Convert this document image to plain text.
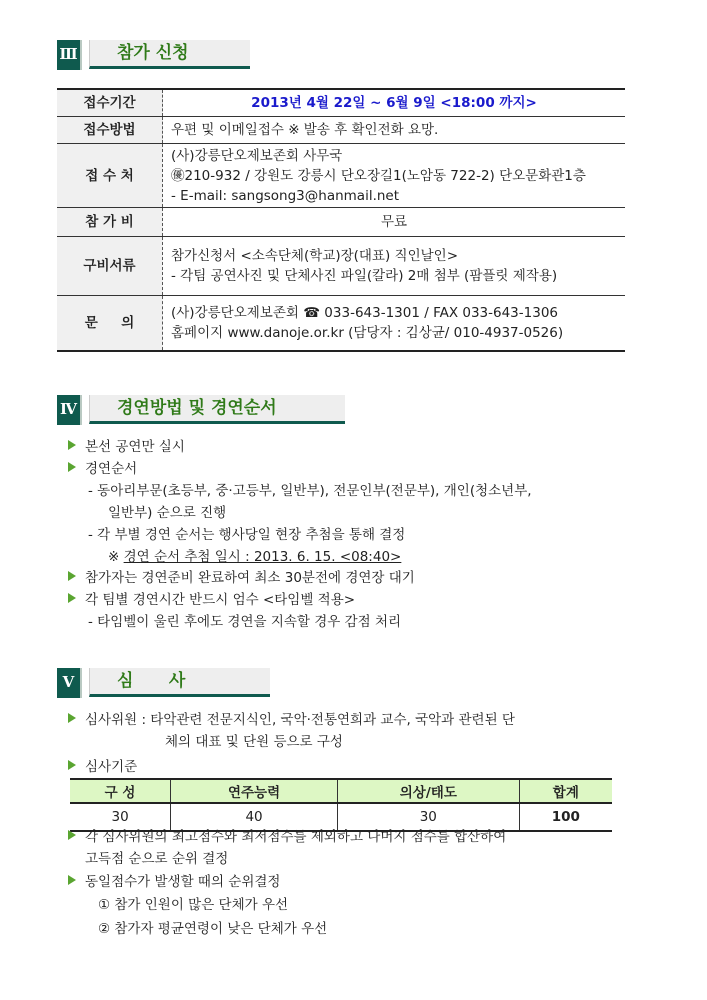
Ⅲ	참가 신청
접수기간	2013년 4월 22일 ~ 6월 9일 <18:00 까지>
접수방법	우편 및 이메일접수 ※ 발송 후 확인전화 요망.
접 수 처	(사)강릉단오제보존회 사무국
㊝210-932 / 강원도 강릉시 단오장길1(노암동 722-2) 단오문화관1층
- E-mail: sangsong3@hanmail.net

참 가 비	무료
구비서류	참가신청서 <소속단체(학교)장(대표) 직인날인>
- 각팀 공연사진 및 단체사진 파일(칼라) 2매 첨부 (팜플릿 제작용)

문     의	(사)강릉단오제보존회 ☎ 033-643-1301 / FAX 033-643-1306
홈페이지 www.danoje.or.kr (담당자 : 김상균/ 010-4937-0526)
Ⅳ	경연방법 및 경연순서
본선 공연만 실시
경연순서
- 동아리부문(초등부, 중·고등부, 일반부), 전문인부(전문부), 개인(청소년부,
일반부) 순으로 진행
- 각 부별 경연 순서는 행사당일 현장 추첨을 통해 결정
※ 경연 순서 추첨 일시 : 2013. 6. 15. <08:40>
참가자는 경연준비 완료하여 최소 30분전에 경연장 대기
각 팀별 경연시간 반드시 엄수 <타임벨 적용>
- 타임벨이 울린 후에도 경연을 지속할 경우 감점 처리
Ⅴ	심      사
심사위원 : 타악관련 전문지식인, 국악·전통연희과 교수, 국악과 관련된 단
체의 대표 및 단원 등으로 구성
심사기준
구 성	연주능력	의상/태도	합계
30	40	30	100
각 심사위원의 최고점수와 최저점수를 제외하고 나머지 점수를 합산하여
고득점 순으로 순위 결정
동일점수가 발생할 때의 순위결정
① 참가 인원이 많은 단체가 우선
② 참가자 평균연령이 낮은 단체가 우선
